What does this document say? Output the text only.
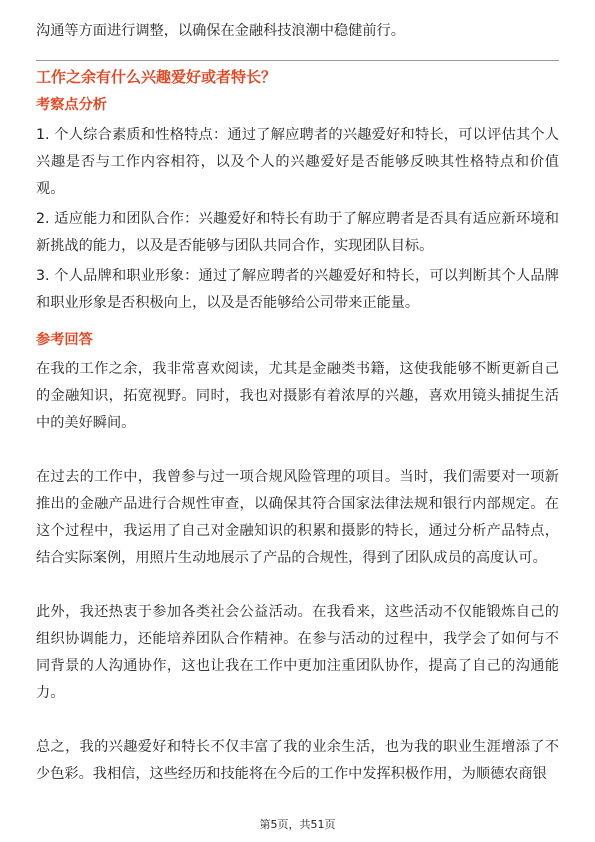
沟通等方面进行调整，以确保在金融科技浪潮中稳健前行。

工作之余有什么兴趣爱好或者特长？

考察点分析

1. 个人综合素质和性格特点：通过了解应聘者的兴趣爱好和特长，可以评估其个人兴趣是否与工作内容相符，以及个人的兴趣爱好是否能够反映其性格特点和价值观。
2. 适应能力和团队合作：兴趣爱好和特长有助于了解应聘者是否具有适应新环境和新挑战的能力，以及是否能够与团队共同合作，实现团队目标。
3. 个人品牌和职业形象：通过了解应聘者的兴趣爱好和特长，可以判断其个人品牌和职业形象是否积极向上，以及是否能够给公司带来正能量。

参考回答

在我的工作之余，我非常喜欢阅读，尤其是金融类书籍，这使我能够不断更新自己的金融知识，拓宽视野。同时，我也对摄影有着浓厚的兴趣，喜欢用镜头捕捉生活中的美好瞬间。

在过去的工作中，我曾参与过一项合规风险管理的项目。当时，我们需要对一项新推出的金融产品进行合规性审查，以确保其符合国家法律法规和银行内部规定。在这个过程中，我运用了自己对金融知识的积累和摄影的特长，通过分析产品特点，结合实际案例，用照片生动地展示了产品的合规性，得到了团队成员的高度认可。

此外，我还热衷于参加各类社会公益活动。在我看来，这些活动不仅能锻炼自己的组织协调能力，还能培养团队合作精神。在参与活动的过程中，我学会了如何与不同背景的人沟通协作，这也让我在工作中更加注重团队协作，提高了自己的沟通能力。

总之，我的兴趣爱好和特长不仅丰富了我的业余生活，也为我的职业生涯增添了不少色彩。我相信，这些经历和技能将在今后的工作中发挥积极作用，为顺德农商银

第5页，共51页
